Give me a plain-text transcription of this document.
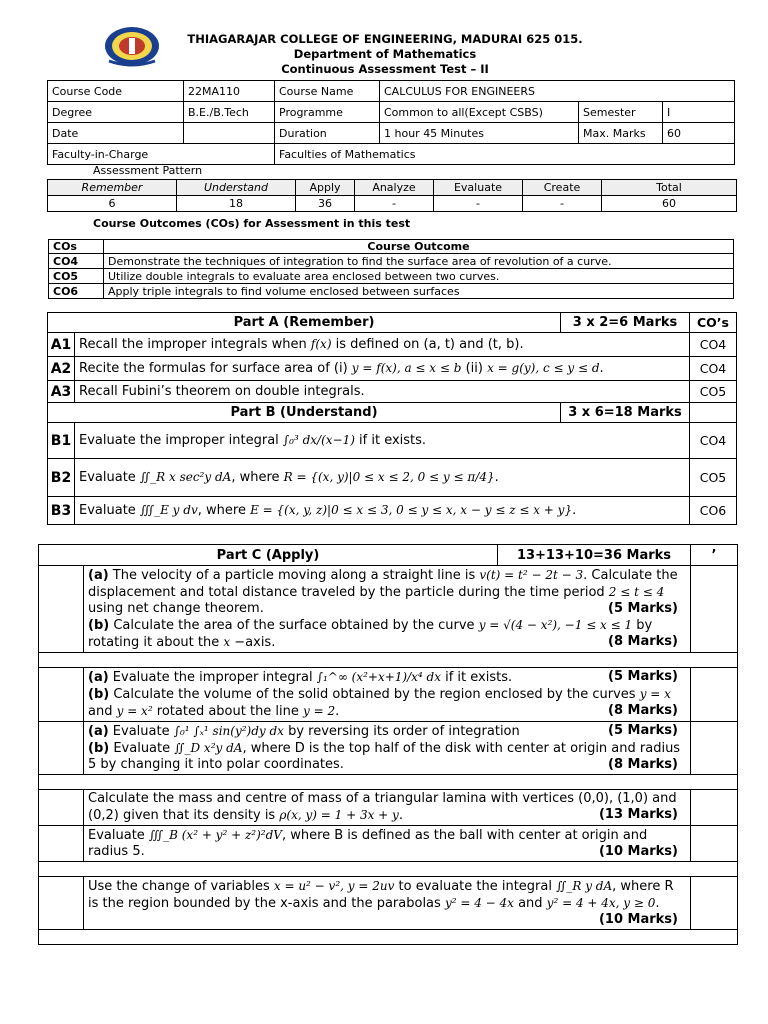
THIAGARAJAR COLLEGE OF ENGINEERING, MADURAI 625 015.
Department of Mathematics
Continuous Assessment Test – II
Course Code	22MA110	Course Name	CALCULUS FOR ENGINEERS		
Degree	B.E./B.Tech	Programme	Common to all(Except CSBS)	Semester	I
Date		Duration	1 hour 45 Minutes	Max. Marks	60
Faculty-in-Charge		Faculties of Mathematics			
Assessment Pattern
Remember	Understand	Apply	Analyze	Evaluate	Create	Total
6	18	36	-	-	-	60
Course Outcomes (COs) for Assessment in this test
COs	Course Outcome
CO4	Demonstrate the techniques of integration to find the surface area of revolution of a curve.
CO5	Utilize double integrals to evaluate area enclosed between two curves.
CO6	Apply triple integrals to find volume enclosed between surfaces
Part A (Remember)		3 x 2=6 Marks	CO’s
A1	Recall the improper integrals when f(x) is defined on (a, t) and (t, b).		CO4
A2	Recite the formulas for surface area of (i) y = f(x), a ≤ x ≤ b (ii) x = g(y), c ≤ y ≤ d.		CO4
A3	Recall Fubini’s theorem on double integrals.		CO5
Part B (Understand)		3 x 6=18 Marks	
B1	Evaluate the improper integral ∫₀³ dx/(x−1) if it exists.		CO4
B2	Evaluate ∬_R x sec²y dA, where R = {(x, y)|0 ≤ x ≤ 2, 0 ≤ y ≤ π/4}.		CO5
B3	Evaluate ∭_E y dv, where E = {(x, y, z)|0 ≤ x ≤ 3, 0 ≤ y ≤ x, x − y ≤ z ≤ x + y}.		CO6
Part C (Apply)		13+13+10=36 Marks	’

	(a) The velocity of a particle moving along a straight line is v(t) = t² − 2t − 3. Calculate the displacement and total distance traveled by the particle during the time period 2 ≤ t ≤ 4 using net change theorem. (5 Marks)
(b) Calculate the area of the surface obtained by the curve y = √(4 − x²), −1 ≤ x ≤ 1 by rotating it about the x −axis. (8 Marks)		

	(a) Evaluate the improper integral ∫₁^∞ (x²+x+1)/x⁴ dx if it exists. (5 Marks)
(b) Calculate the volume of the solid obtained by the region enclosed by the curves y = x and y = x² rotated about the line y = 2. (8 Marks)		

	(a) Evaluate ∫₀¹ ∫ₓ¹ sin(y²)dy dx by reversing its order of integration (5 Marks)
(b) Evaluate ∬_D x²y dA, where D is the top half of the disk with center at origin and radius 5 by changing it into polar coordinates. (8 Marks)		

	Calculate the mass and centre of mass of a triangular lamina with vertices (0,0), (1,0) and (0,2) given that its density is ρ(x, y) = 1 + 3x + y. (13 Marks)		

	Evaluate ∭_B (x² + y² + z²)²dV, where B is defined as the ball with center at origin and radius 5. (10 Marks)		

	Use the change of variables x = u² − v², y = 2uv to evaluate the integral ∬_R y dA, where R is the region bounded by the x-axis and the parabolas y² = 4 − 4x and y² = 4 + 4x, y ≥ 0.
(10 Marks)		
